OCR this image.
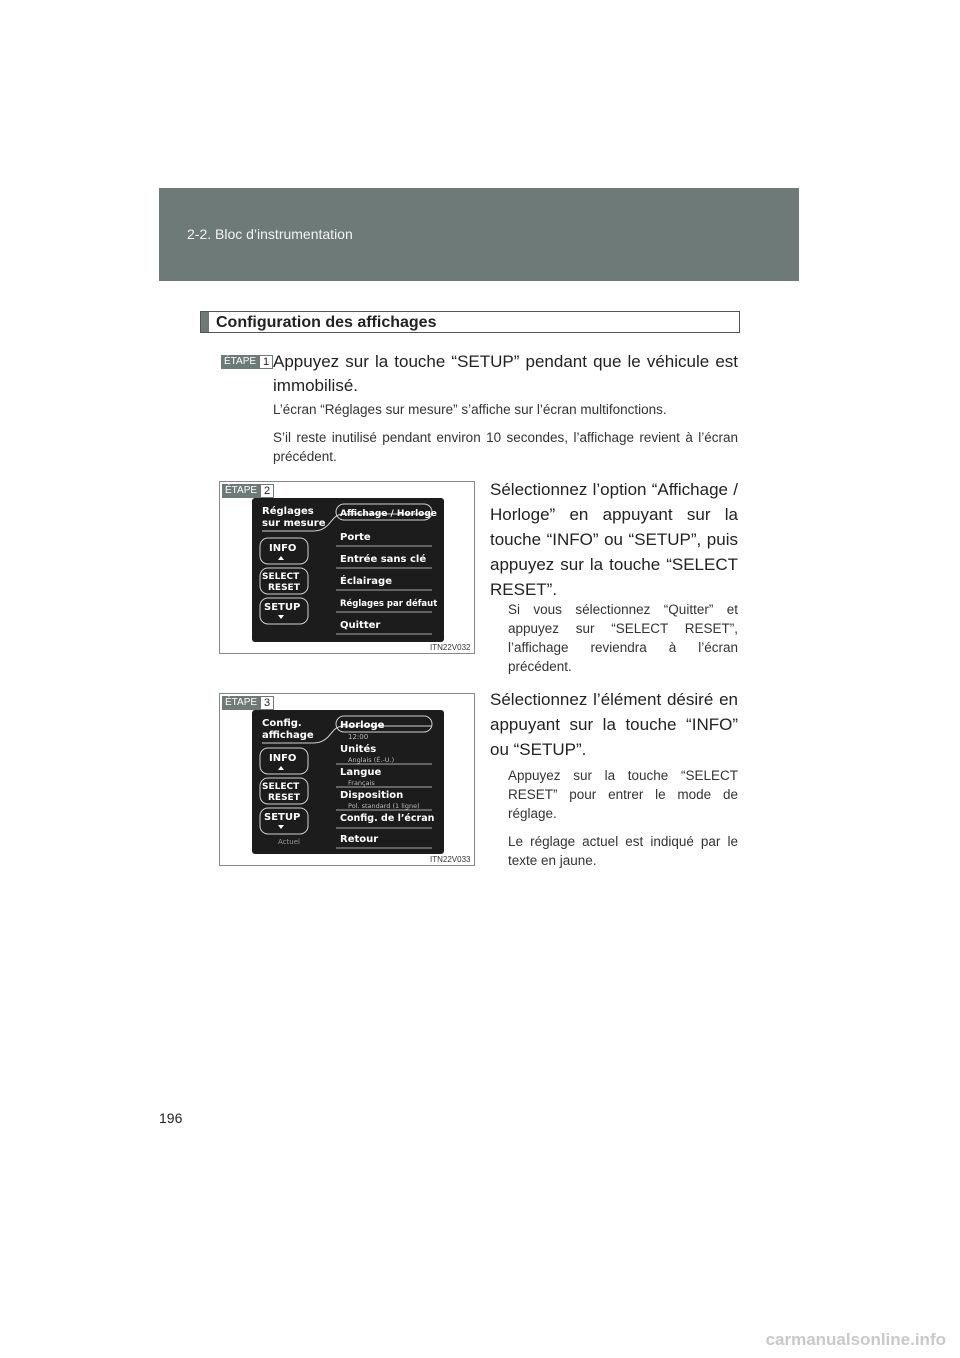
2-2. Bloc d’instrumentation
Configuration des affichages
ÉTAPE 1 Appuyez sur la touche “SETUP” pendant que le véhicule est immobilisé.
L’écran “Réglages sur mesure” s’affiche sur l’écran multifonctions.
S’il reste inutilisé pendant environ 10 secondes, l’affichage revient à l’écran précédent.
ÉTAPE 2
Réglages
sur mesure
Affichage / Horloge
Porte
Entrée sans clé
Éclairage
Réglages par défaut
Quitter
INFO
SELECT
RESET
SETUP
ITN22V032
Sélectionnez l’option “Affichage / Horloge” en appuyant sur la touche “INFO” ou “SETUP”, puis appuyez sur la touche “SELECT RESET”.
Si vous sélectionnez “Quitter” et appuyez sur “SELECT RESET”, l’affichage reviendra à l’écran précédent.
ÉTAPE 3
Config.
affichage
Horloge
12:00
Unités
Anglais (É.-U.)
Langue
Français
Disposition
Pol. standard (1 ligne)
Config. de l’écran
Retour
INFO
SELECT
RESET
SETUP
Actuel
ITN22V033
Sélectionnez l’élément désiré en appuyant sur la touche “INFO” ou “SETUP”.
Appuyez sur la touche “SELECT RESET” pour entrer le mode de réglage.
Le réglage actuel est indiqué par le texte en jaune.
196
carmanualsonline.info
